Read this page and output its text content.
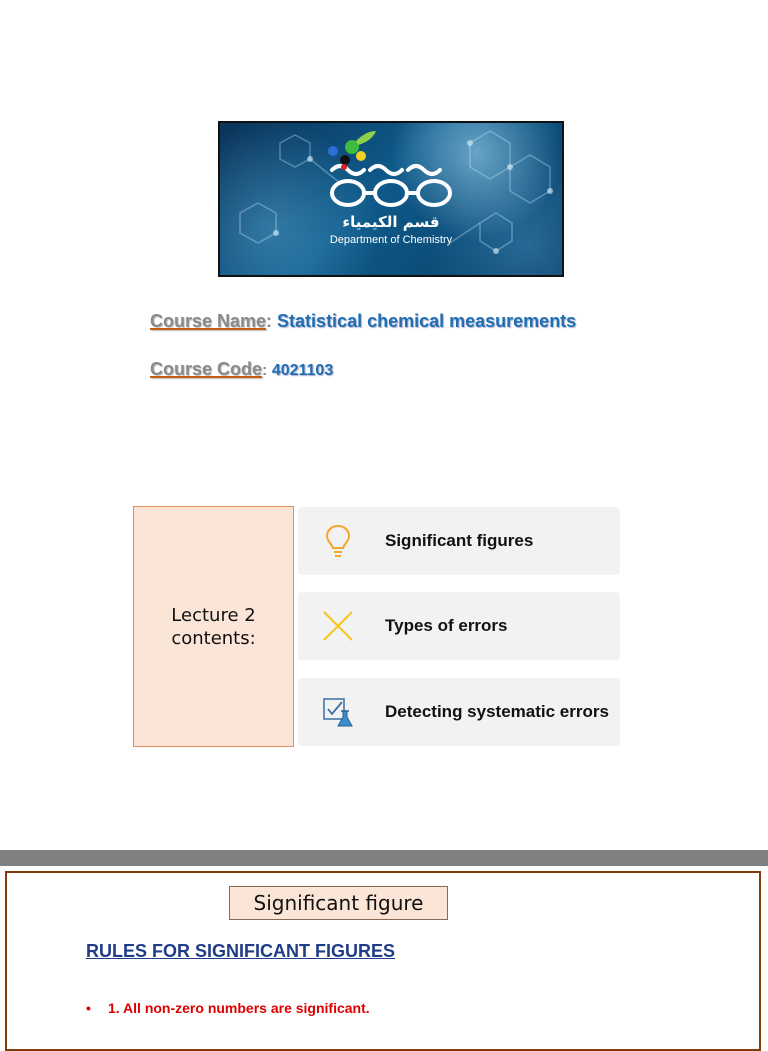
قسم الكيمياء
Department of Chemistry
Course Name: Statistical chemical measurements
Course Code: 4021103
Lecture 2
contents:
Significant figures
Types of errors
Detecting systematic errors
Significant figure
RULES FOR SIGNIFICANT FIGURES
• 1. All non-zero numbers are significant.
